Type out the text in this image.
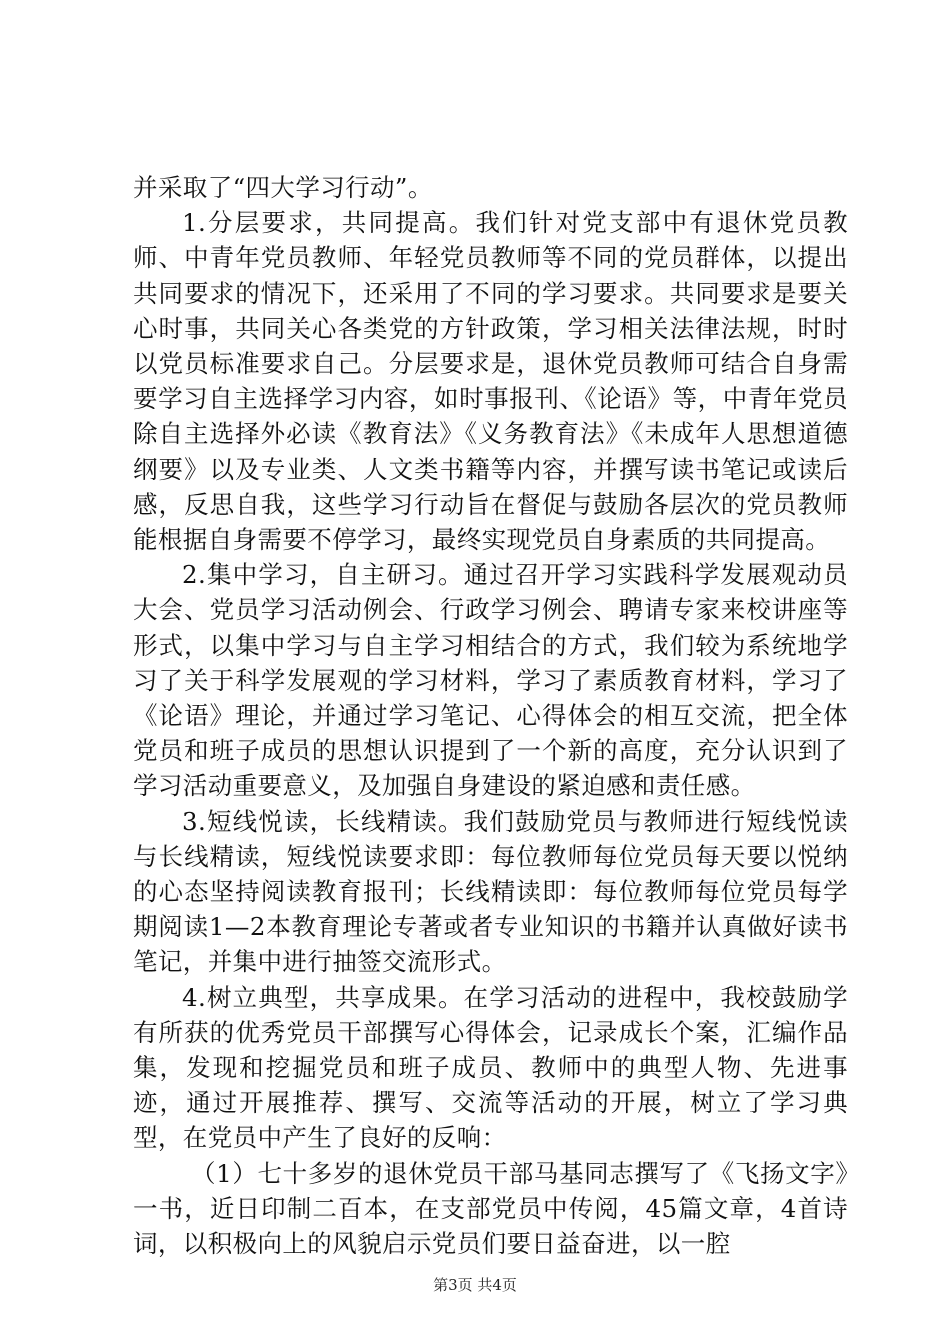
并采取了“四大学习行动”。

1.分层要求，共同提高。我们针对党支部中有退休党员教师、中青年党员教师、年轻党员教师等不同的党员群体，以提出共同要求的情况下，还采用了不同的学习要求。共同要求是要关心时事，共同关心各类党的方针政策，学习相关法律法规，时时以党员标准要求自己。分层要求是，退休党员教师可结合自身需要学习自主选择学习内容，如时事报刊、《论语》等，中青年党员除自主选择外必读《教育法》《义务教育法》《未成年人思想道德纲要》以及专业类、人文类书籍等内容，并撰写读书笔记或读后感，反思自我，这些学习行动旨在督促与鼓励各层次的党员教师能根据自身需要不停学习，最终实现党员自身素质的共同提高。

2.集中学习，自主研习。通过召开学习实践科学发展观动员大会、党员学习活动例会、行政学习例会、聘请专家来校讲座等形式，以集中学习与自主学习相结合的方式，我们较为系统地学习了关于科学发展观的学习材料，学习了素质教育材料，学习了《论语》理论，并通过学习笔记、心得体会的相互交流，把全体党员和班子成员的思想认识提到了一个新的高度，充分认识到了学习活动重要意义，及加强自身建设的紧迫感和责任感。

3.短线悦读，长线精读。我们鼓励党员与教师进行短线悦读与长线精读，短线悦读要求即：每位教师每位党员每天要以悦纳的心态坚持阅读教育报刊；长线精读即：每位教师每位党员每学期阅读1—2本教育理论专著或者专业知识的书籍并认真做好读书笔记，并集中进行抽签交流形式。

4.树立典型，共享成果。在学习活动的进程中，我校鼓励学有所获的优秀党员干部撰写心得体会，记录成长个案，汇编作品集，发现和挖掘党员和班子成员、教师中的典型人物、先进事迹，通过开展推荐、撰写、交流等活动的开展，树立了学习典型，在党员中产生了良好的反响：

（1）七十多岁的退休党员干部马基同志撰写了《飞扬文字》一书，近日印制二百本，在支部党员中传阅，45篇文章，4首诗词，以积极向上的风貌启示党员们要日益奋进，以一腔

第3页 共4页
